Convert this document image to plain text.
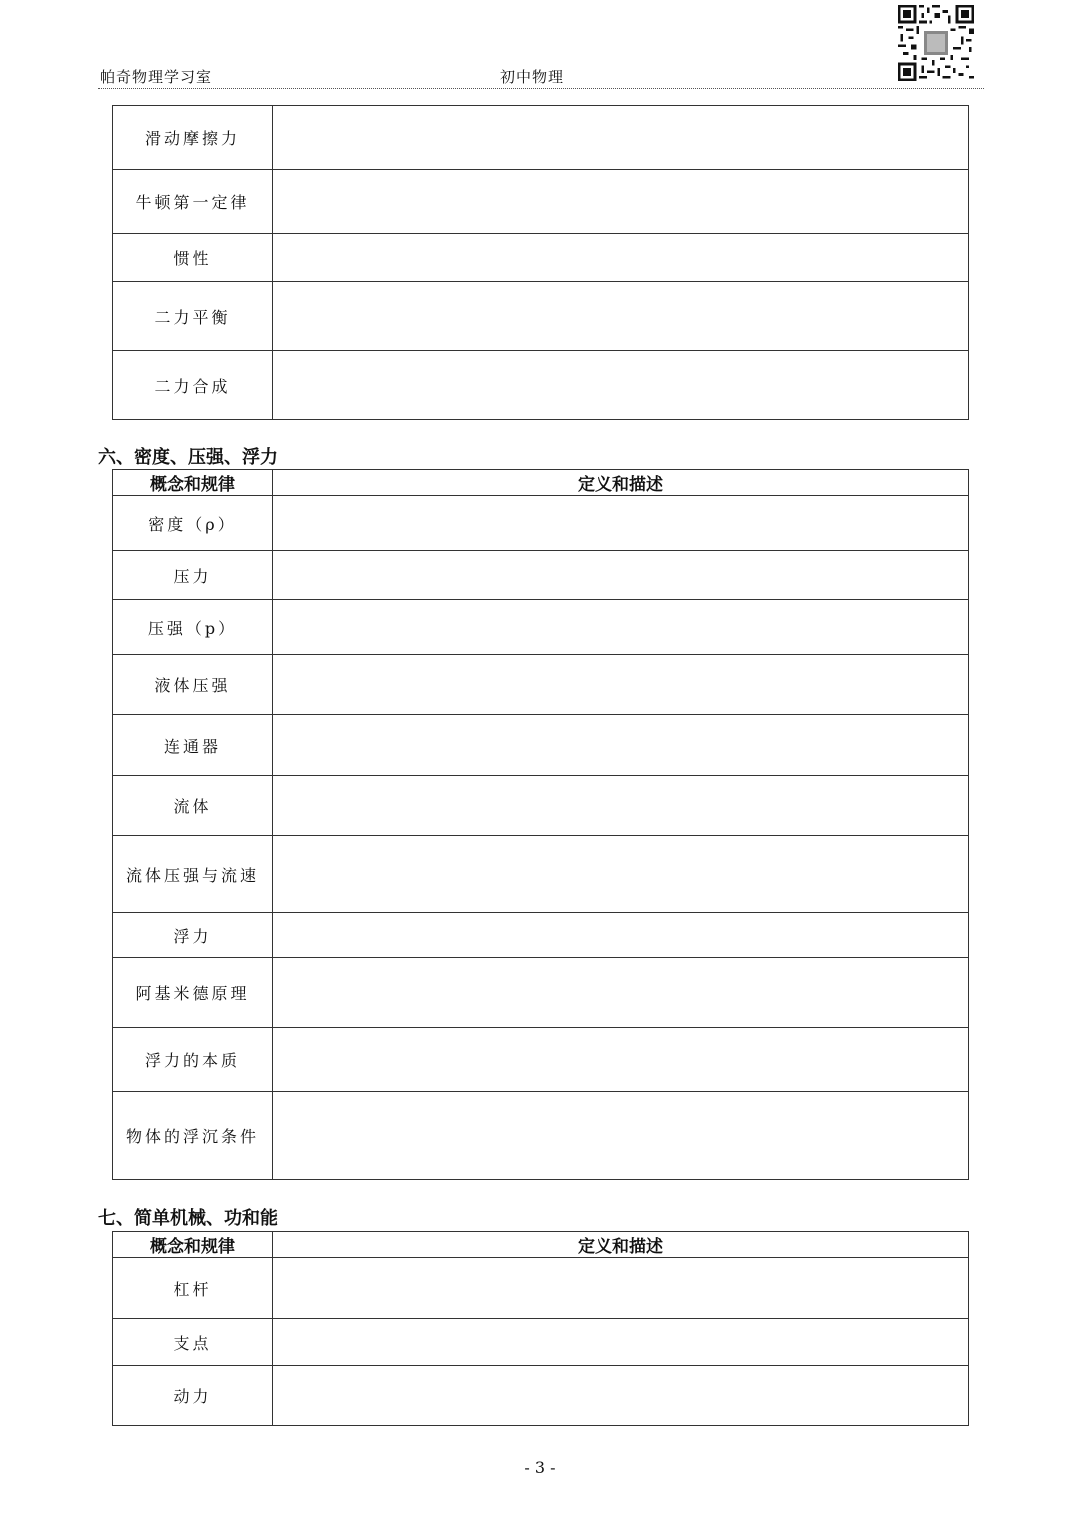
帕奇物理学习室	初中物理
滑动摩擦力	
牛顿第一定律	
惯性	
二力平衡	
二力合成	
六、密度、压强、浮力
概念和规律	定义和描述
密度（ρ）	
压力	
压强（p）	
液体压强	
连通器	
流体	
流体压强与流速	
浮力	
阿基米德原理	
浮力的本质	
物体的浮沉条件	
七、简单机械、功和能
概念和规律	定义和描述
杠杆	
支点	
动力	
- 3 -
